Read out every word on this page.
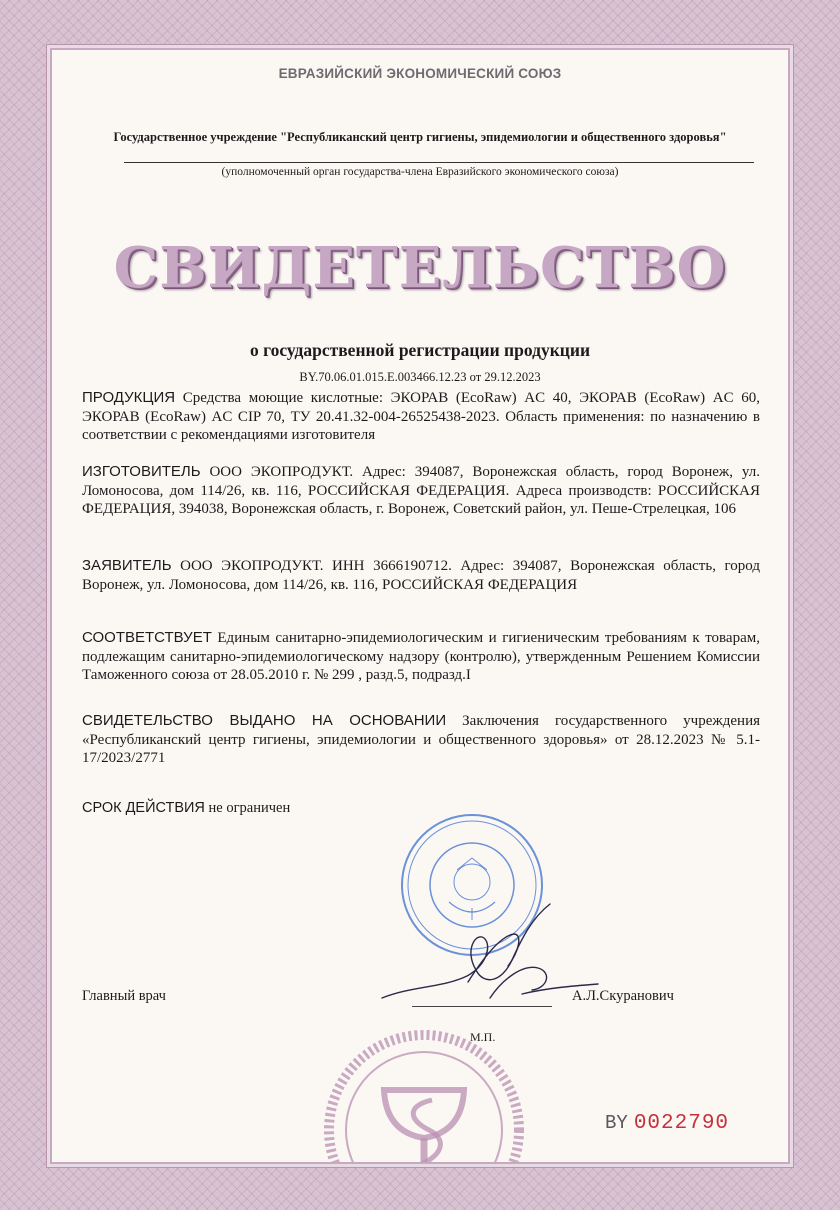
ЕВРАЗИЙСКИЙ ЭКОНОМИЧЕСКИЙ СОЮЗ

Государственное учреждение "Республиканский центр гигиены, эпидемиологии и общественного здоровья"

(уполномоченный орган государства-члена Евразийского экономического союза)

СВИДЕТЕЛЬСТВО

о государственной регистрации продукции

BY.70.06.01.015.E.003466.12.23 от 29.12.2023

ПРОДУКЦИЯ Средства моющие кислотные: ЭКОРАВ (EcoRaw) AC 40, ЭКОРАВ (EcoRaw) AC 60, ЭКОРАВ (EcoRaw) AC CIP 70, ТУ 20.41.32-004-26525438-2023. Область применения: по назначению в соответствии с рекомендациями изготовителя

ИЗГОТОВИТЕЛЬ ООО ЭКОПРОДУКТ. Адрес: 394087, Воронежская область, город Воронеж, ул. Ломоносова, дом 114/26, кв. 116, РОССИЙСКАЯ ФЕДЕРАЦИЯ. Адреса производств: РОССИЙСКАЯ ФЕДЕРАЦИЯ, 394038, Воронежская область, г. Воронеж, Советский район, ул. Пеше-Стрелецкая, 106

ЗАЯВИТЕЛЬ ООО ЭКОПРОДУКТ. ИНН 3666190712. Адрес: 394087, Воронежская область, город Воронеж, ул. Ломоносова, дом 114/26, кв. 116, РОССИЙСКАЯ ФЕДЕРАЦИЯ

СООТВЕТСТВУЕТ Единым санитарно-эпидемиологическим и гигиеническим требованиям к товарам, подлежащим санитарно-эпидемиологическому надзору (контролю), утвержденным Решением Комиссии Таможенного союза от 28.05.2010 г. № 299 , разд.5, подразд.I

СВИДЕТЕЛЬСТВО ВЫДАНО НА ОСНОВАНИИ Заключения государственного учреждения «Республиканский центр гигиены, эпидемиологии и общественного здоровья» от 28.12.2023 № 5.1-17/2023/2771

СРОК ДЕЙСТВИЯ не ограничен

Главный врач	А.Л.Скуранович

М.П.

BY 0022790
